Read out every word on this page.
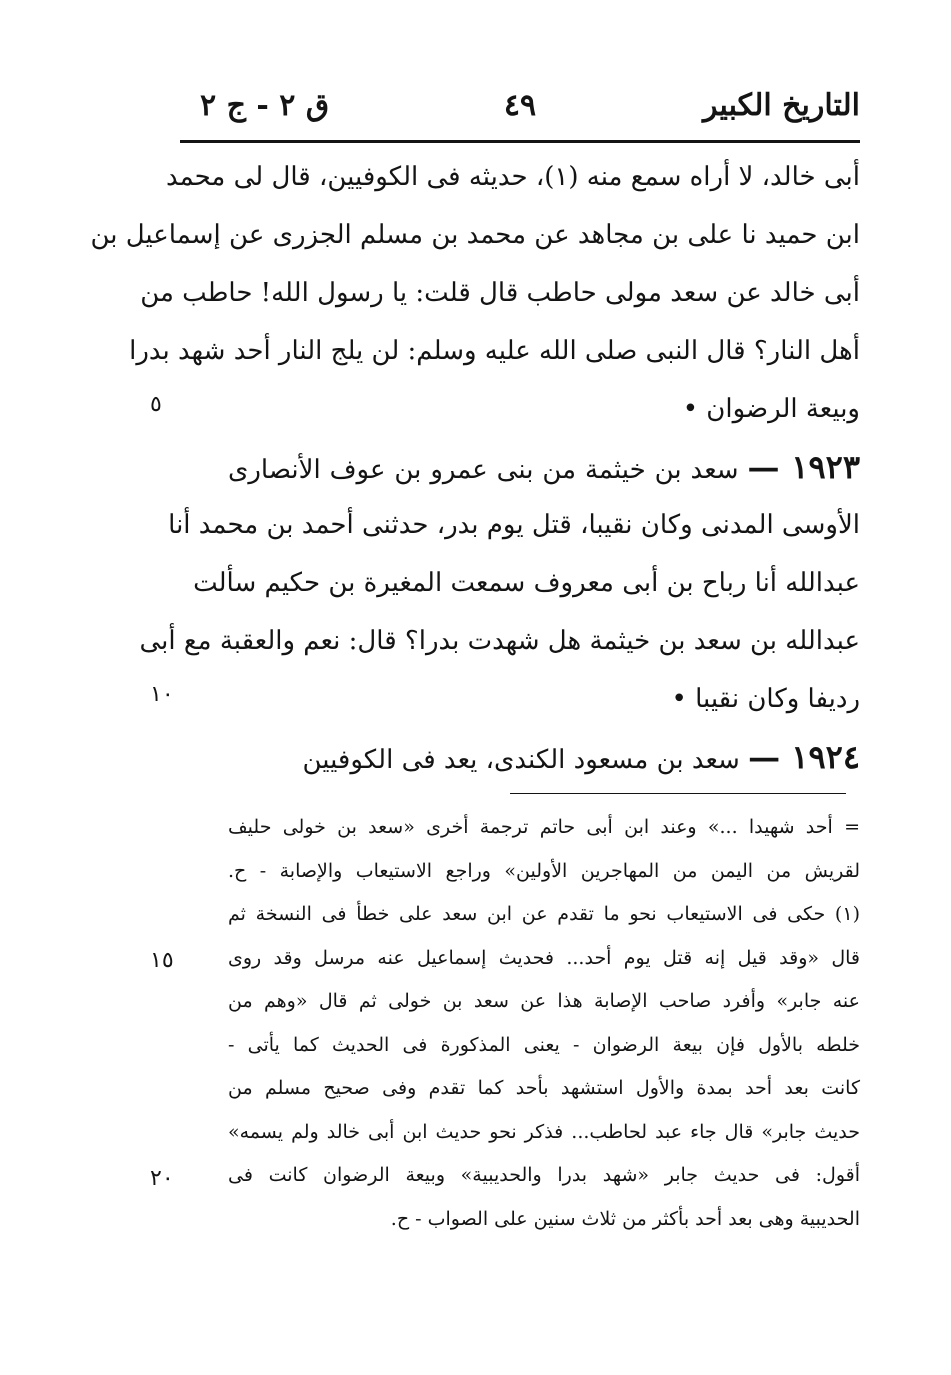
التاريخ الكبير
٤٩
ق ٢ - ج ٢
أبى خالد، لا أراه سمع منه (١)، حديثه فى الكوفيين، قال لى محمد
ابن حميد نا على بن مجاهد عن محمد بن مسلم الجزرى عن إسماعيل بن
أبى خالد عن سعد مولى حاطب قال قلت: يا رسول الله! حاطب من
أهل النار؟ قال النبى صلى الله عليه وسلم: لن يلج النار أحد شهد بدرا
وبيعة الرضوان •
١٩٢٣ — سعد بن خيثمة من بنى عمرو بن عوف الأنصارى
الأوسى المدنى وكان نقيبا، قتل يوم بدر، حدثنى أحمد بن محمد أنا
عبدالله أنا رباح بن أبى معروف سمعت المغيرة بن حكيم سألت
عبدالله بن سعد بن خيثمة هل شهدت بدرا؟ قال: نعم والعقبة مع أبى
رديفا وكان نقيبا •
١٩٢٤ — سعد بن مسعود الكندى، يعد فى الكوفيين
٥
١٠
١٥
٢٠
= أحد شهيدا ...» وعند ابن أبى حاتم ترجمة أخرى «سعد بن خولى حليف
لقريش من اليمن من المهاجرين الأولين» وراجع الاستيعاب والإصابة - ح.
(١) حكى فى الاستيعاب نحو ما تقدم عن ابن سعد على خطأ فى النسخة ثم
قال «وقد قيل إنه قتل يوم أحد... فحديث إسماعيل عنه مرسل وقد روى
عنه جابر» وأفرد صاحب الإصابة هذا عن سعد بن خولى ثم قال «وهم من
خلطه بالأول فإن بيعة الرضوان - يعنى المذكورة فى الحديث كما يأتى -
كانت بعد أحد بمدة والأول استشهد بأحد كما تقدم وفى صحيح مسلم من
حديث جابر» قال جاء عبد لحاطب... فذكر نحو حديث ابن أبى خالد ولم يسمه»
أقول: فى حديث جابر «شهد بدرا والحديبية» وبيعة الرضوان كانت فى
الحديبية وهى بعد أحد بأكثر من ثلاث سنين على الصواب - ح.
